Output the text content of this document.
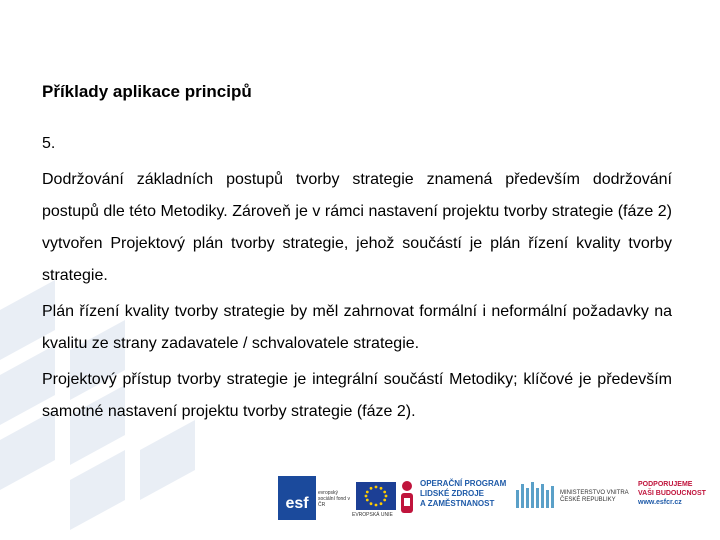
Příklady aplikace principů

5.

Dodržování základních postupů tvorby strategie znamená především dodržování postupů dle této Metodiky. Zároveň je v rámci nastavení projektu tvorby strategie (fáze 2) vytvořen Projektový plán tvorby strategie, jehož součástí je plán řízení kvality tvorby strategie.

Plán řízení kvality tvorby strategie by měl zahrnovat formální i neformální požadavky na kvalitu ze strany zadavatele / schvalovatele strategie.

Projektový přístup tvorby strategie je integrální součástí Metodiky; klíčové je především samotné nastavení projektu tvorby strategie (fáze 2).

esf
evropský sociální fond v ČR
EVROPSKÁ UNIE
OPERAČNÍ PROGRAM
LIDSKÉ ZDROJE
A ZAMĚSTNANOST
MINISTERSTVO VNITRA
ČESKÉ REPUBLIKY
PODPORUJEME
VAŠI BUDOUCNOST
www.esfcr.cz
